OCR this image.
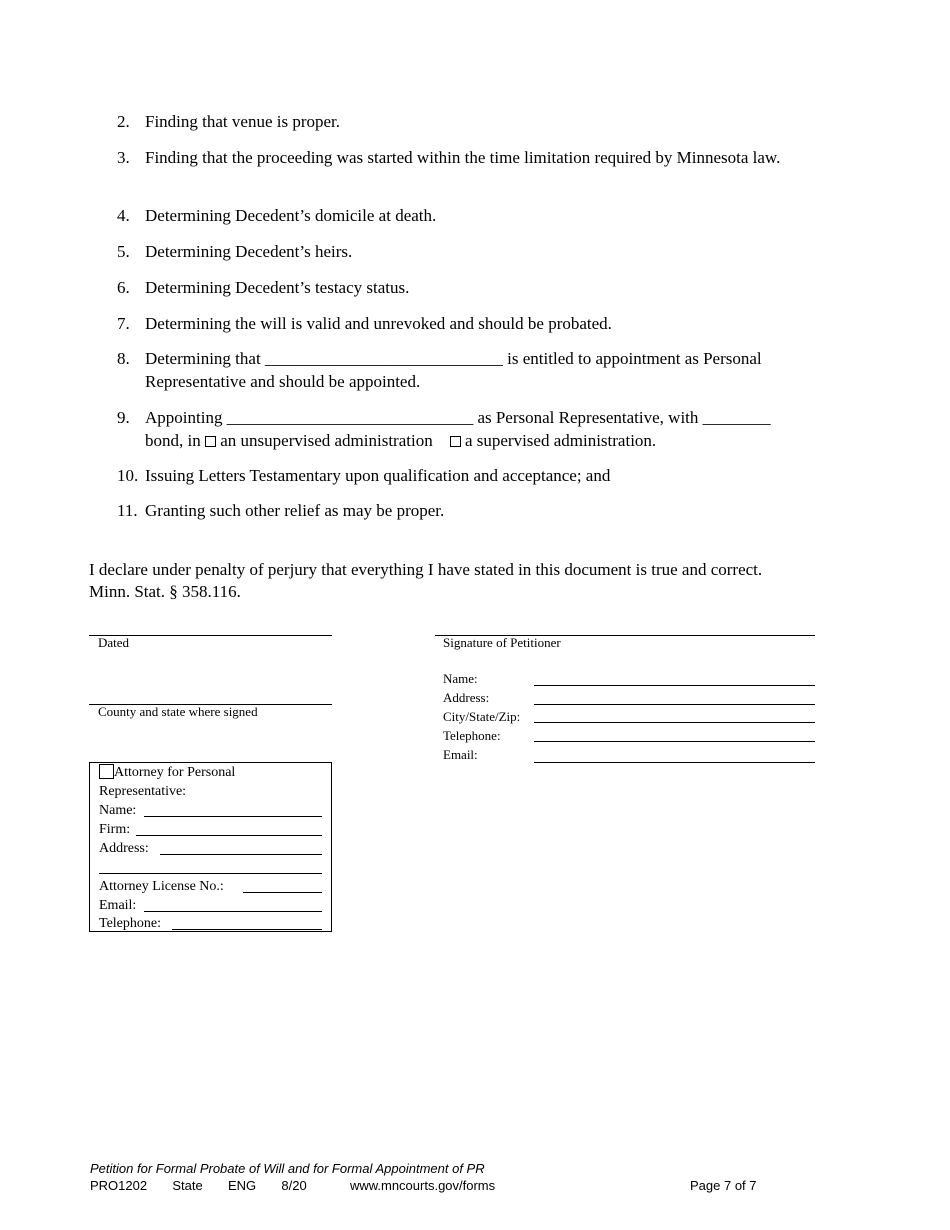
2. Finding that venue is proper.
3. Finding that the proceeding was started within the time limitation required by Minnesota law.
4. Determining Decedent’s domicile at death.
5. Determining Decedent’s heirs.
6. Determining Decedent’s testacy status.
7. Determining the will is valid and unrevoked and should be probated.
8. Determining that ____________________________ is entitled to appointment as Personal
Representative and should be appointed.
9. Appointing _____________________________ as Personal Representative, with ________
bond, in an unsupervised administration a supervised administration.
10. Issuing Letters Testamentary upon qualification and acceptance; and
11. Granting such other relief as may be proper.
I declare under penalty of perjury that everything I have stated in this document is true and correct.
Minn. Stat. § 358.116.
Dated
County and state where signed
Signature of Petitioner
Name:
Address:
City/State/Zip:
Telephone:
Email:
Attorney for Personal
Representative:
Name:
Firm:
Address:
Attorney License No.:
Email:
Telephone:
Petition for Formal Probate of Will and for Formal Appointment of PR
PRO1202 State ENG 8/20	www.mncourts.gov/forms	Page 7 of 7
